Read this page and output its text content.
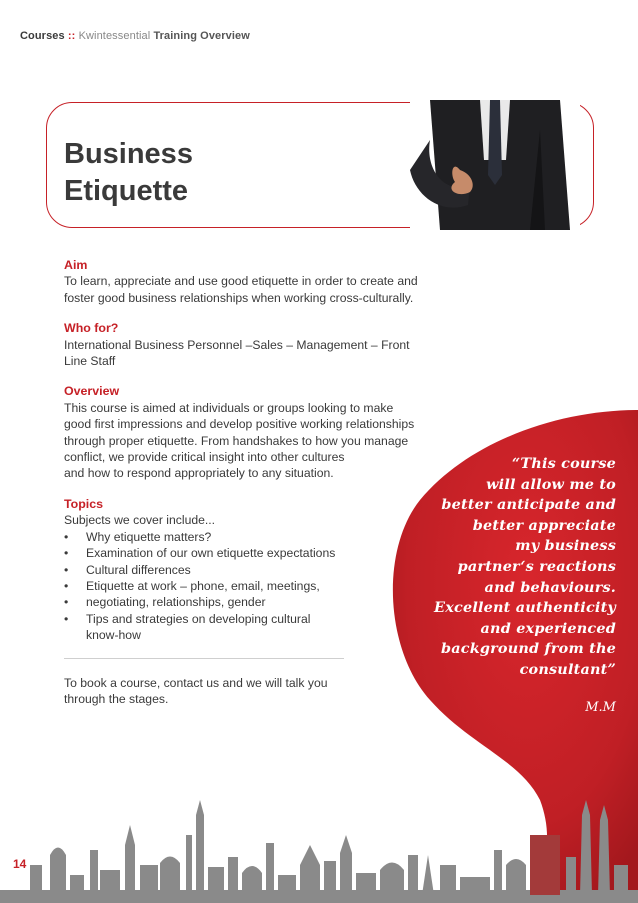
Courses :: Kwintessential Training Overview
Business
Etiquette

Aim

To learn, appreciate and use good etiquette in order to create and
foster good business relationships when working cross-culturally.

Who for?

International Business Personnel –Sales – Management – Front
Line Staff

Overview

This course is aimed at individuals or groups looking to make
good first impressions and develop positive working relationships
through proper etiquette. From handshakes to how you manage
conflict, we provide critical insight into other cultures
and how to respond appropriately to any situation.

Topics

Subjects we cover include...

• Why etiquette matters?
• Examination of our own etiquette expectations
• Cultural differences
• Etiquette at work – phone, email, meetings,
• negotiating, relationships, gender
• Tips and strategies on developing cultural
know-how

To book a course, contact us and we will talk you
through the stages.

“This course
will allow me to
better anticipate and
better appreciate
my business
partner‘s reactions
and behaviours.
Excellent authenticity
and experienced
background from the
consultant”
M.M
14
